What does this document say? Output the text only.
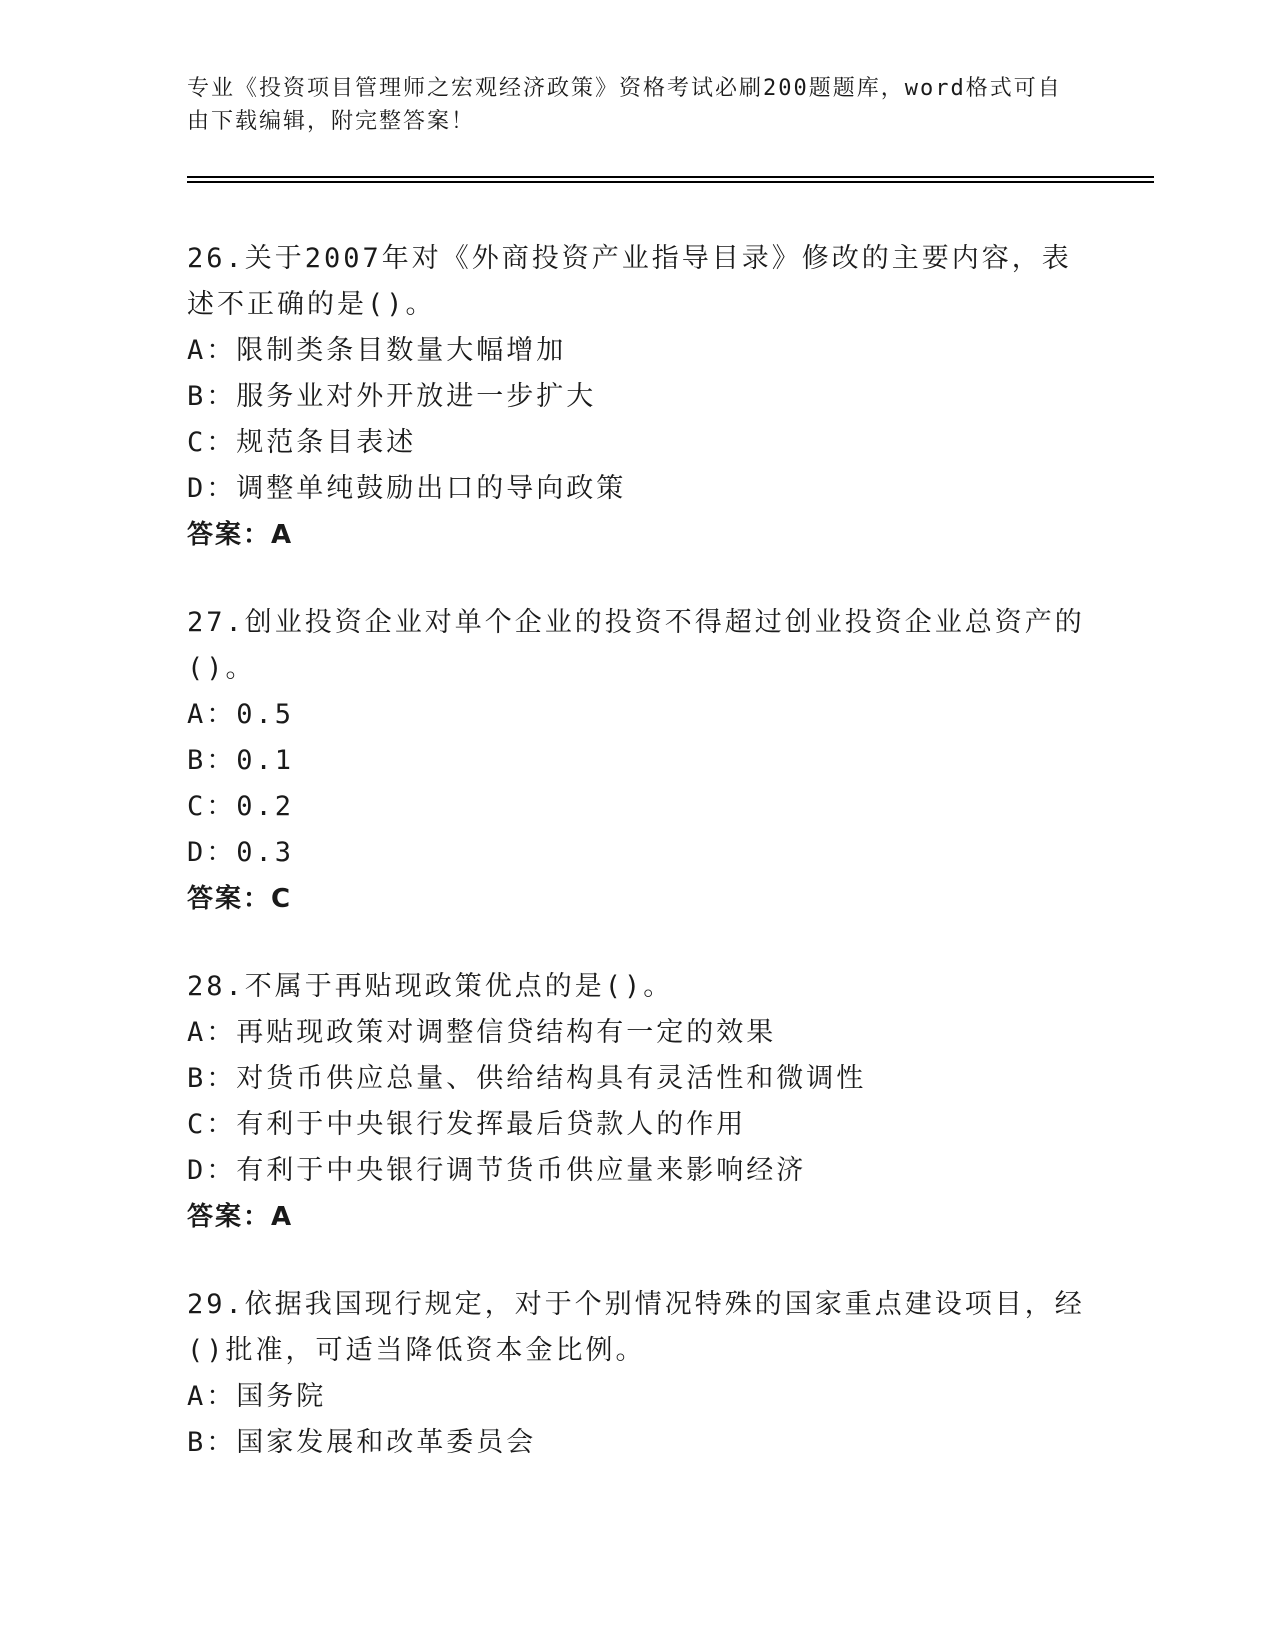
专业《投资项目管理师之宏观经济政策》资格考试必刷200题题库，word格式可自由下载编辑，附完整答案！
26.关于2007年对《外商投资产业指导目录》修改的主要内容，表述不正确的是()。
A：限制类条目数量大幅增加
B：服务业对外开放进一步扩大
C：规范条目表述
D：调整单纯鼓励出口的导向政策
答案：A
27.创业投资企业对单个企业的投资不得超过创业投资企业总资产的()。
A：0.5
B：0.1
C：0.2
D：0.3
答案：C
28.不属于再贴现政策优点的是()。
A：再贴现政策对调整信贷结构有一定的效果
B：对货币供应总量、供给结构具有灵活性和微调性
C：有利于中央银行发挥最后贷款人的作用
D：有利于中央银行调节货币供应量来影响经济
答案：A
29.依据我国现行规定，对于个别情况特殊的国家重点建设项目，经()批准，可适当降低资本金比例。
A：国务院
B：国家发展和改革委员会
